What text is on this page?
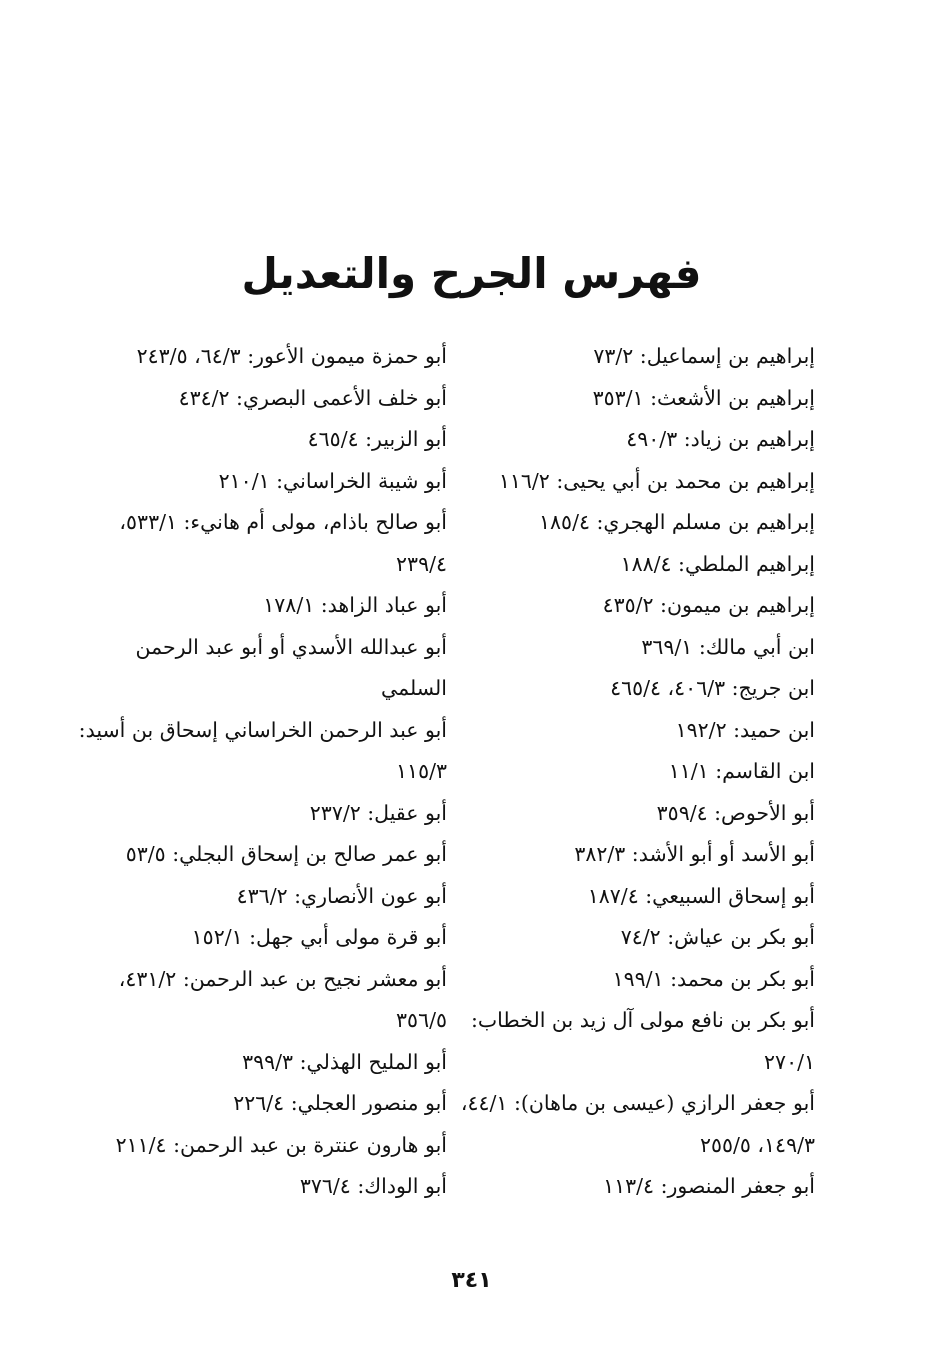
فهرس الجرح والتعديل
إبراهيم بن إسماعيل: ٧٣/٢
إبراهيم بن الأشعث: ٣٥٣/١
إبراهيم بن زياد: ٤٩٠/٣
إبراهيم بن محمد بن أبي يحيى: ١١٦/٢
إبراهيم بن مسلم الهجري: ١٨٥/٤
إبراهيم الملطي: ١٨٨/٤
إبراهيم بن ميمون: ٤٣٥/٢
ابن أبي مالك: ٣٦٩/١
ابن جريج: ٤٠٦/٣، ٤٦٥/٤
ابن حميد: ١٩٢/٢
ابن القاسم: ١١/١
أبو الأحوص: ٣٥٩/٤
أبو الأسد أو أبو الأشد: ٣٨٢/٣
أبو إسحاق السبيعي: ١٨٧/٤
أبو بكر بن عياش: ٧٤/٢
أبو بكر بن محمد: ١٩٩/١
أبو بكر بن نافع مولى آل زيد بن الخطاب:
٢٧٠/١
أبو جعفر الرازي (عيسى بن ماهان): ٤٤/١،
١٤٩/٣، ٢٥٥/٥
أبو جعفر المنصور: ١١٣/٤
أبو حمزة ميمون الأعور: ٦٤/٣، ٢٤٣/٥
أبو خلف الأعمى البصري: ٤٣٤/٢
أبو الزبير: ٤٦٥/٤
أبو شيبة الخراساني: ٢١٠/١
أبو صالح باذام، مولى أم هانيء: ٥٣٣/١،
٢٣٩/٤
أبو عباد الزاهد: ١٧٨/١
أبو عبدالله الأسدي أو أبو عبد الرحمن
السلمي
أبو عبد الرحمن الخراساني إسحاق بن أسيد:
١١٥/٣
أبو عقيل: ٢٣٧/٢
أبو عمر صالح بن إسحاق البجلي: ٥٣/٥
أبو عون الأنصاري: ٤٣٦/٢
أبو قرة مولى أبي جهل: ١٥٢/١
أبو معشر نجيح بن عبد الرحمن: ٤٣١/٢،
٣٥٦/٥
أبو المليح الهذلي: ٣٩٩/٣
أبو منصور العجلي: ٢٢٦/٤
أبو هارون عنترة بن عبد الرحمن: ٢١١/٤
أبو الوداك: ٣٧٦/٤
٣٤١
